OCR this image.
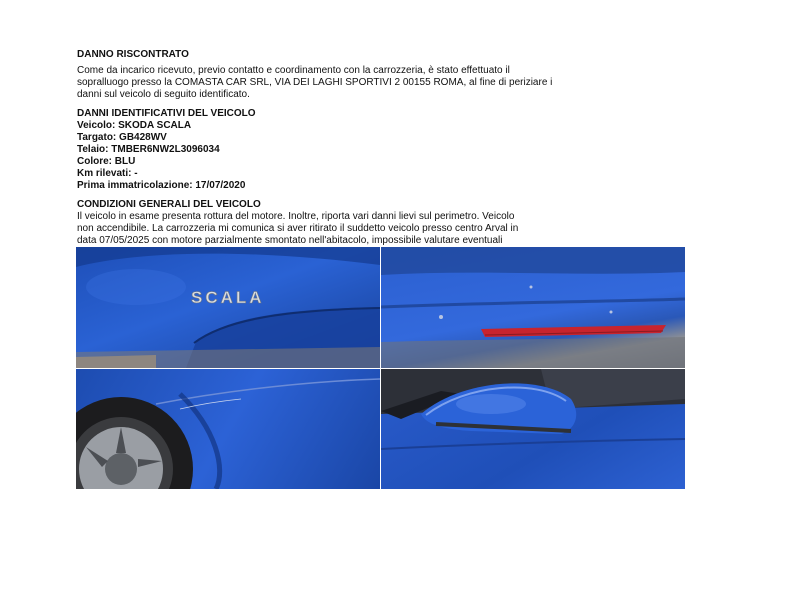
DANNO RISCONTRATO

Come da incarico ricevuto, previo contatto e coordinamento con la carrozzeria, è stato effettuato il
sopralluogo presso la COMASTA CAR SRL, VIA DEI LAGHI SPORTIVI 2 00155 ROMA, al fine di periziare i
danni sul veicolo di seguito identificato.

DANNI IDENTIFICATIVI DEL VEICOLO

Veicolo: SKODA SCALA

Targato: GB428WV

Telaio: TMBER6NW2L3096034

Colore: BLU

Km rilevati: -

Prima immatricolazione: 17/07/2020

CONDIZIONI GENERALI DEL VEICOLO

Il veicolo in esame presenta rottura del motore. Inoltre, riporta vari danni lievi sul perimetro. Veicolo
non accendibile. La carrozzeria mi comunica si aver ritirato il suddetto veicolo presso centro Arval in
data 07/05/2025 con motore parzialmente smontato nell'abitacolo, impossibile valutare eventuali

SCALA
